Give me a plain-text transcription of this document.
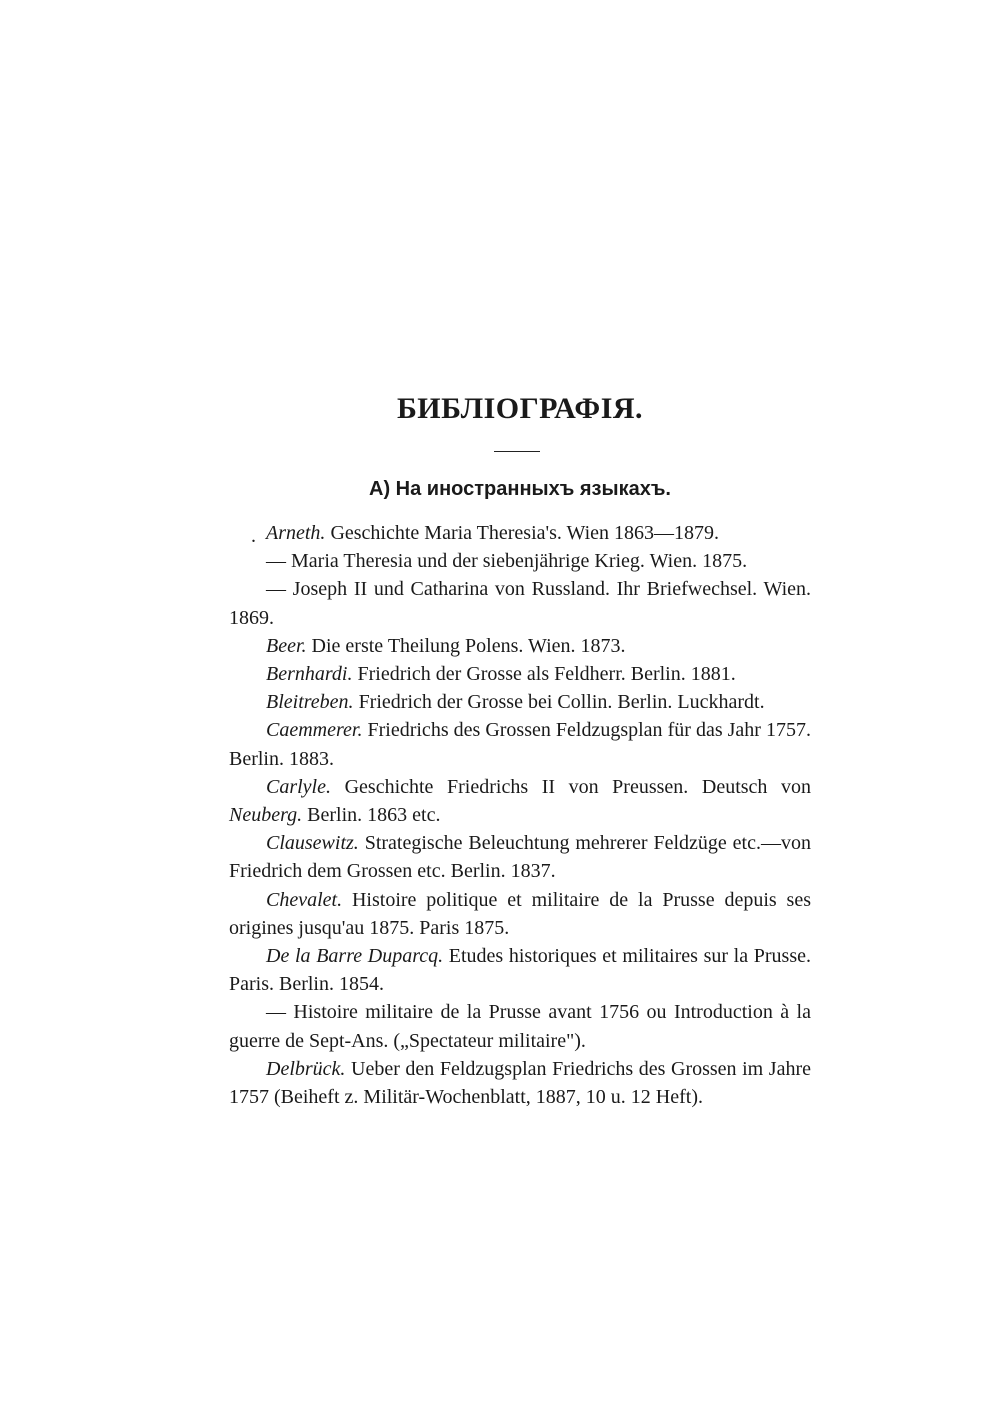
БИБЛIОГРАФIЯ.
А) На иностранныхъ языкахъ.
. Arneth. Geschichte Maria Theresia's. Wien 1863—1879.
— Maria Theresia und der siebenjährige Krieg. Wien. 1875.
— Joseph II und Catharina von Russland. Ihr Briefwechsel. Wien. 1869.
Beer. Die erste Theilung Polens. Wien. 1873.
Bernhardi. Friedrich der Grosse als Feldherr. Berlin. 1881.
Bleitreben. Friedrich der Grosse bei Collin. Berlin. Luckhardt.
Caemmerer. Friedrichs des Grossen Feldzugsplan für das Jahr 1757. Berlin. 1883.
Carlyle. Geschichte Friedrichs II von Preussen. Deutsch von Neuberg. Berlin. 1863 etc.
Clausewitz. Strategische Beleuchtung mehrerer Feldzüge etc.—von Friedrich dem Grossen etc. Berlin. 1837.
Chevalet. Histoire politique et militaire de la Prusse depuis ses origines jusqu'au 1875. Paris 1875.
De la Barre Duparcq. Etudes historiques et militaires sur la Prusse. Paris. Berlin. 1854.
— Histoire militaire de la Prusse avant 1756 ou Introduction à la guerre de Sept-Ans. („Spectateur militaire").
Delbrück. Ueber den Feldzugsplan Friedrichs des Grossen im Jahre 1757 (Beiheft z. Militär-Wochenblatt, 1887, 10 u. 12 Heft).
